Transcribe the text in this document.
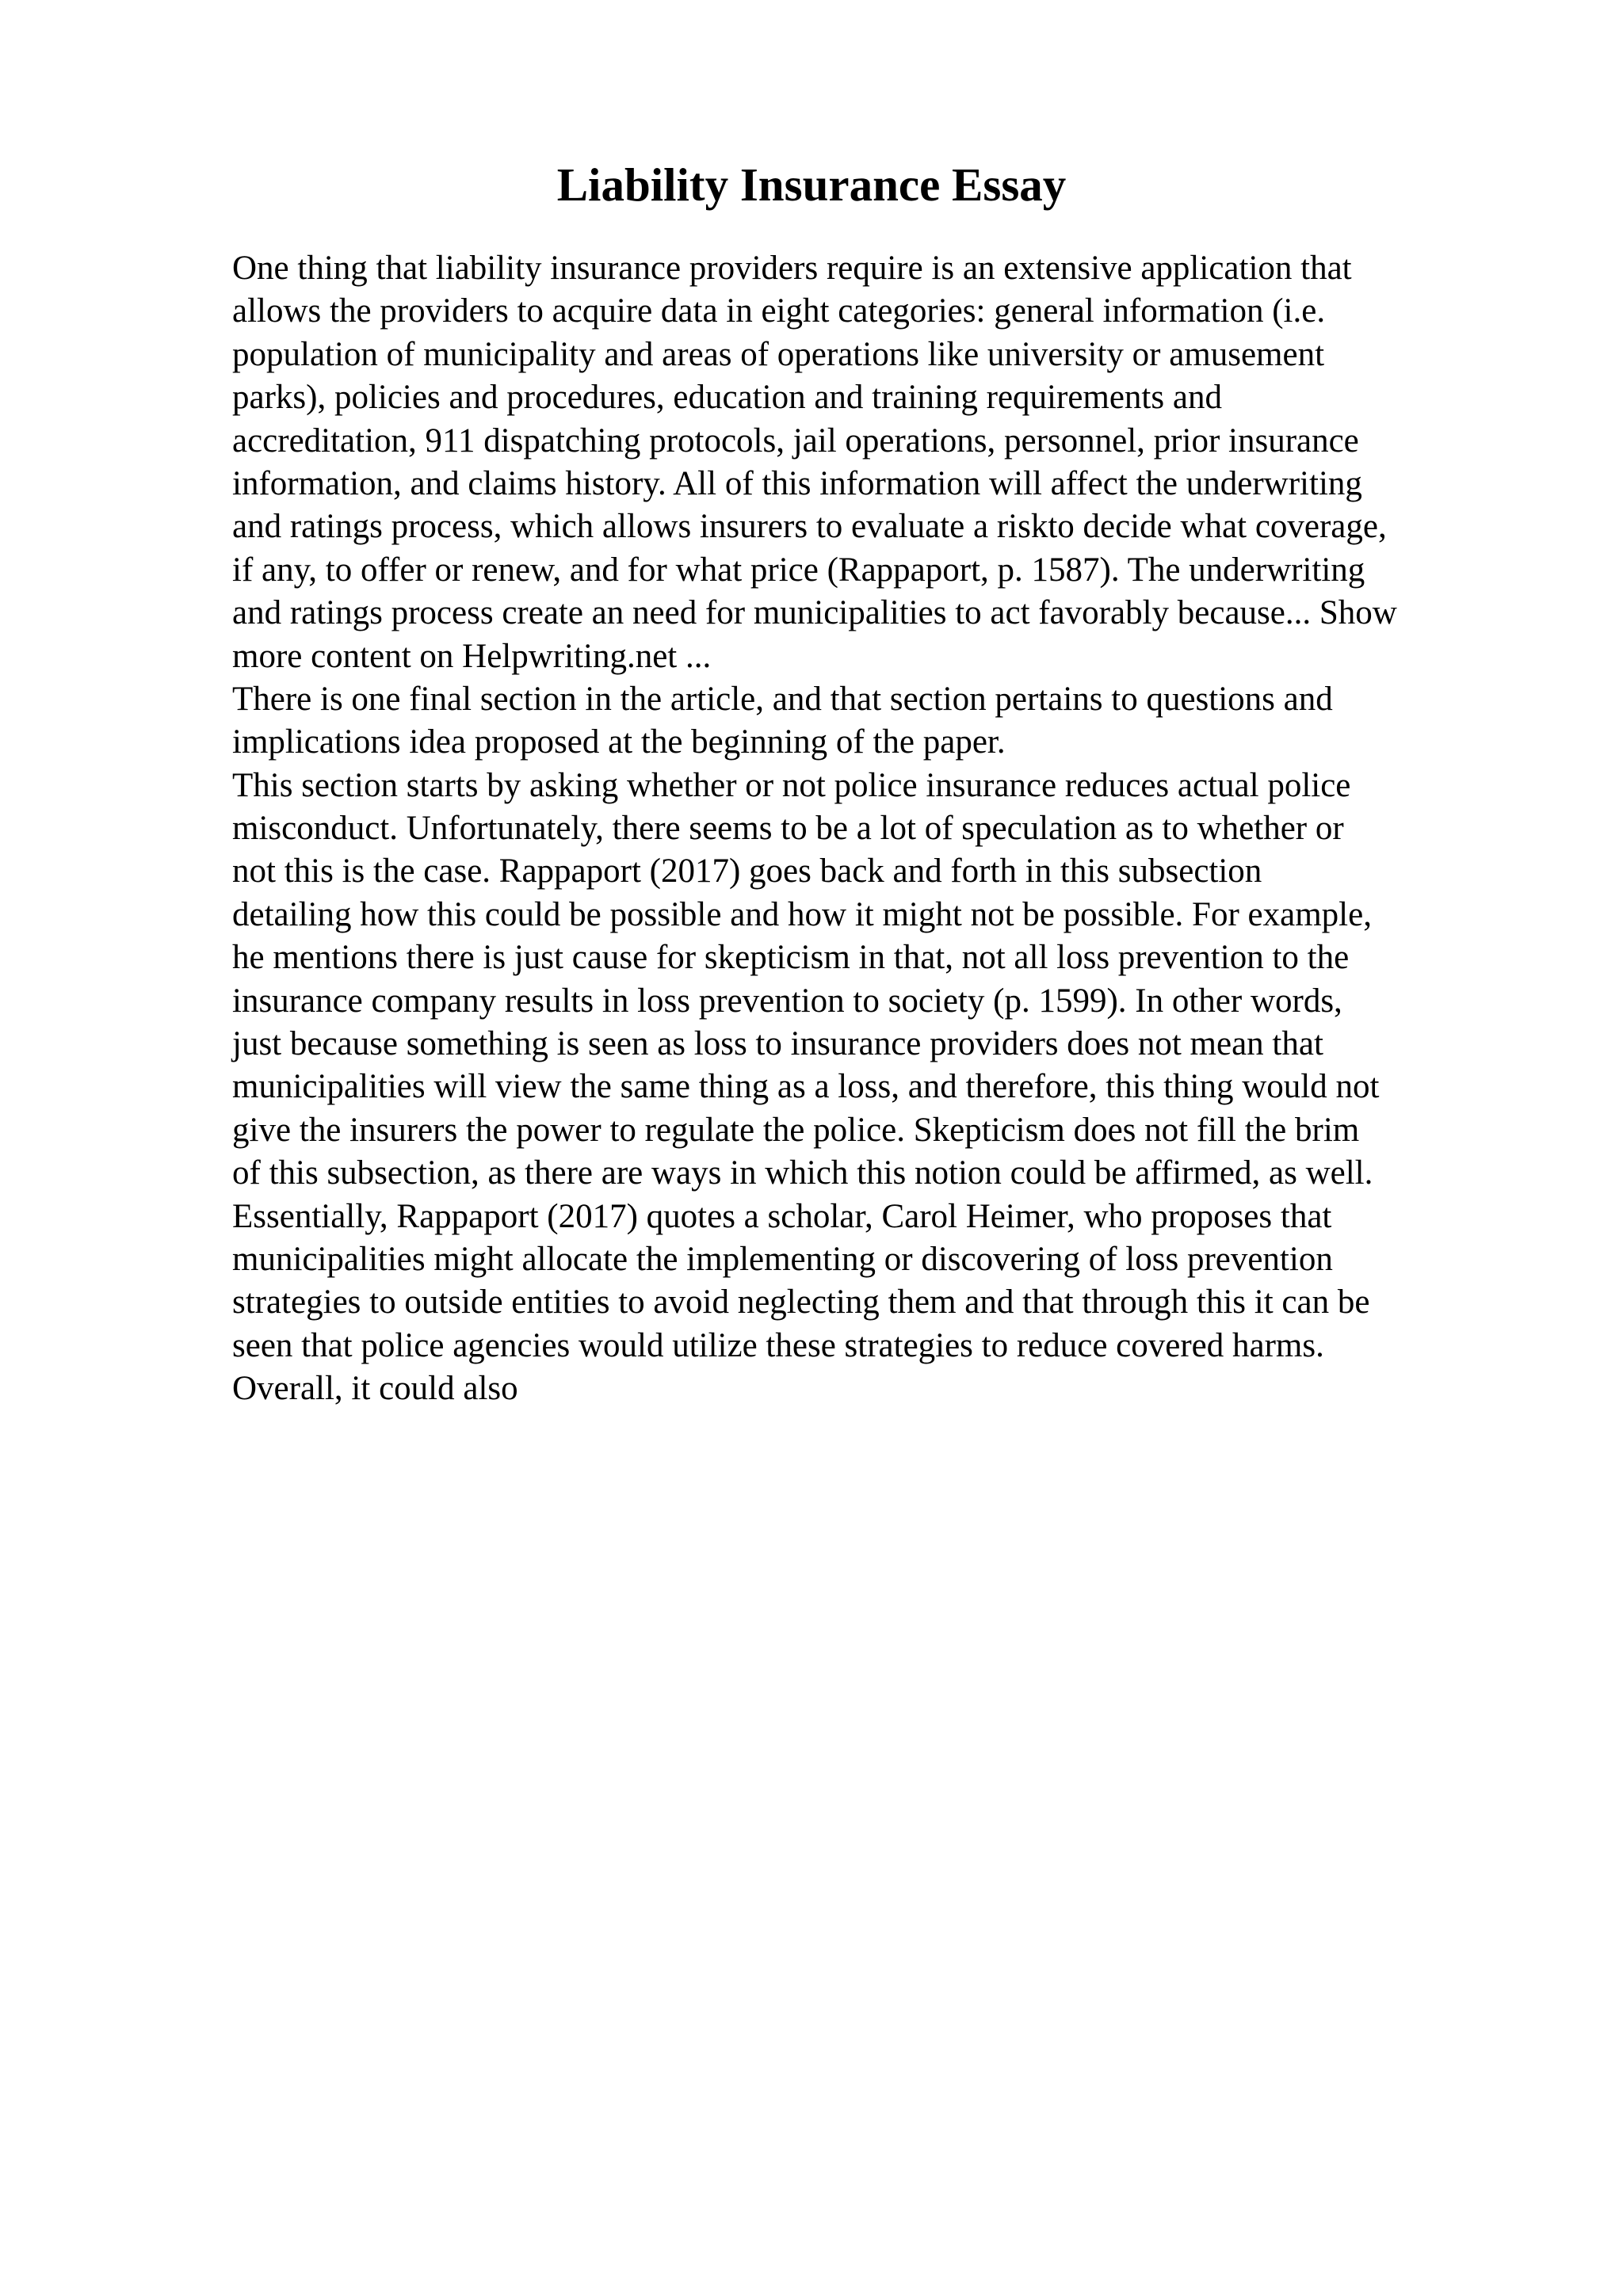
Liability Insurance Essay
One thing that liability insurance providers require is an extensive application that
allows the providers to acquire data in eight categories: general information (i.e.
population of municipality and areas of operations like university or amusement
parks), policies and procedures, education and training requirements and
accreditation, 911 dispatching protocols, jail operations, personnel, prior insurance
information, and claims history. All of this information will affect the underwriting
and ratings process, which allows insurers to evaluate a riskto decide what coverage,
if any, to offer or renew, and for what price (Rappaport, p. 1587). The underwriting
and ratings process create an need for municipalities to act favorably because... Show
more content on Helpwriting.net ...
There is one final section in the article, and that section pertains to questions and
implications idea proposed at the beginning of the paper.
This section starts by asking whether or not police insurance reduces actual police
misconduct. Unfortunately, there seems to be a lot of speculation as to whether or
not this is the case. Rappaport (2017) goes back and forth in this subsection
detailing how this could be possible and how it might not be possible. For example,
he mentions there is just cause for skepticism in that, not all loss prevention to the
insurance company results in loss prevention to society (p. 1599). In other words,
just because something is seen as loss to insurance providers does not mean that
municipalities will view the same thing as a loss, and therefore, this thing would not
give the insurers the power to regulate the police. Skepticism does not fill the brim
of this subsection, as there are ways in which this notion could be affirmed, as well.
Essentially, Rappaport (2017) quotes a scholar, Carol Heimer, who proposes that
municipalities might allocate the implementing or discovering of loss prevention
strategies to outside entities to avoid neglecting them and that through this it can be
seen that police agencies would utilize these strategies to reduce covered harms.
Overall, it could also
